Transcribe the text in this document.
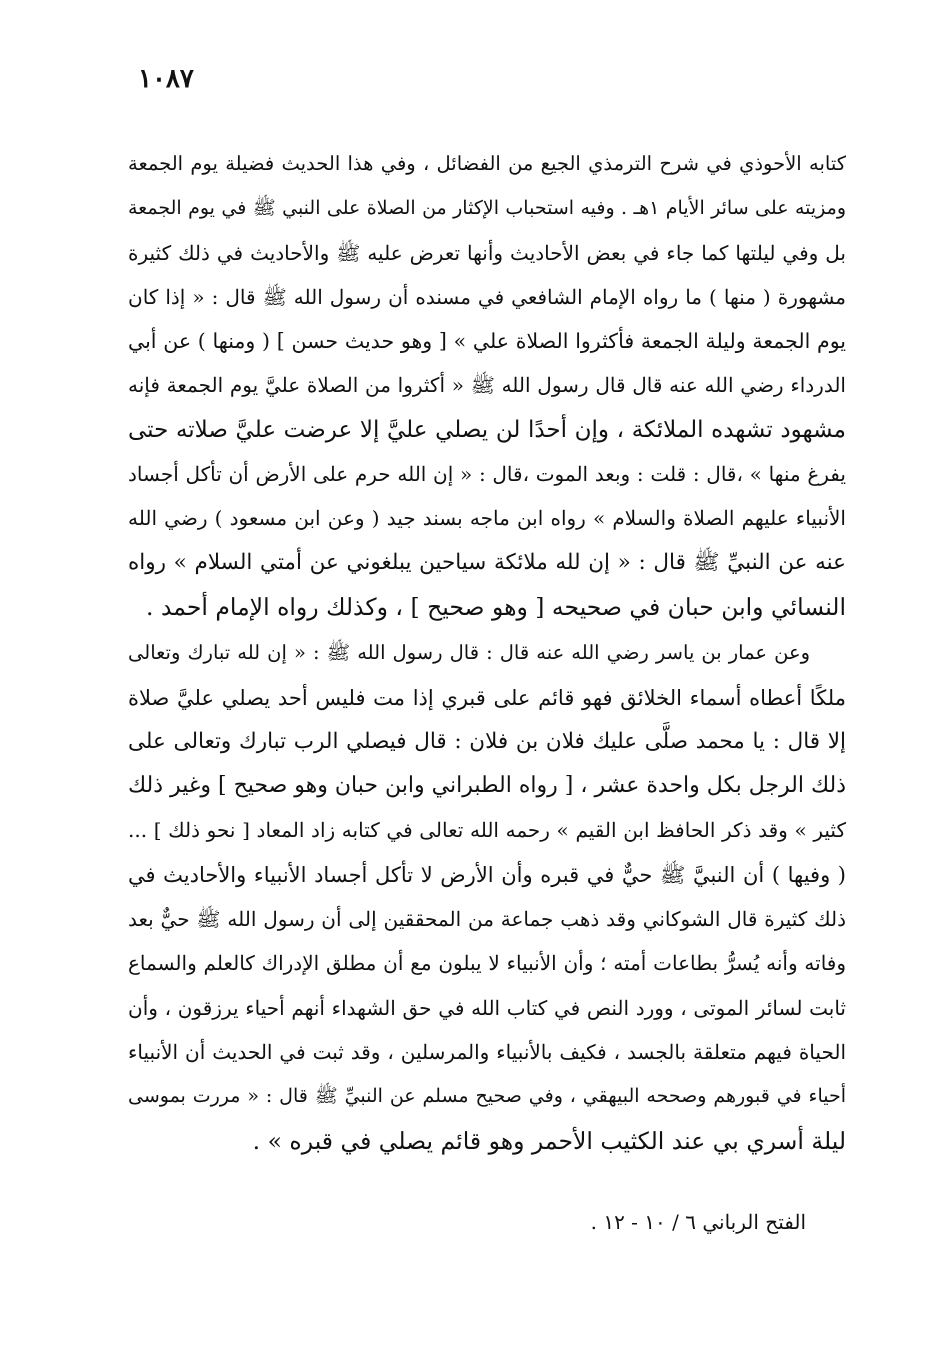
١٠٨٧
كتابه الأحوذي في شرح الترمذي الجيع من الفضائل ، وفي هذا الحديث فضيلة يوم الجمعة
ومزيته على سائر الأيام ۱هـ . وفيه استحباب الإكثار من الصلاة على النبي ﷺ في يوم الجمعة
بل وفي ليلتها كما جاء في بعض الأحاديث وأنها تعرض عليه ﷺ والأحاديث في ذلك كثيرة
مشهورة ( منها ) ما رواه الإمام الشافعي في مسنده أن رسول الله ﷺ قال : « إذا كان
يوم الجمعة وليلة الجمعة فأكثروا الصلاة علي » [ وهو حديث حسن ] ( ومنها ) عن أبي
الدرداء رضي الله عنه قال قال رسول الله ﷺ « أكثروا من الصلاة عليَّ يوم الجمعة فإنه
مشهود تشهده الملائكة ، وإن أحدًا لن يصلي عليَّ إلا عرضت عليَّ صلاته حتى
يفرغ منها » ،قال : قلت : وبعد الموت ،قال : « إن الله حرم على الأرض أن تأكل أجساد
الأنبياء عليهم الصلاة والسلام » رواه ابن ماجه بسند جيد ( وعن ابن مسعود ) رضي الله
عنه عن النبيِّ ﷺ قال : « إن لله ملائكة سياحين يبلغوني عن أمتي السلام » رواه
النسائي وابن حبان في صحيحه [ وهو صحيح ] ، وكذلك رواه الإمام أحمد .
وعن عمار بن ياسر رضي الله عنه قال : قال رسول الله ﷺ : « إن لله تبارك وتعالى
ملكًا أعطاه أسماء الخلائق فهو قائم على قبري إذا مت فليس أحد يصلي عليَّ صلاة
إلا قال : يا محمد صلَّى عليك فلان بن فلان : قال فيصلي الرب تبارك وتعالى على
ذلك الرجل بكل واحدة عشر ، [ رواه الطبراني وابن حبان وهو صحيح ] وغير ذلك
كثير » وقد ذكر الحافظ ابن القيم » رحمه الله تعالى في كتابه زاد المعاد [ نحو ذلك ] ...
( وفيها ) أن النبيَّ ﷺ حيٌّ في قبره وأن الأرض لا تأكل أجساد الأنبياء والأحاديث في
ذلك كثيرة قال الشوكاني وقد ذهب جماعة من المحققين إلى أن رسول الله ﷺ حيٌّ بعد
وفاته وأنه يُسرُّ بطاعات أمته ؛ وأن الأنبياء لا يبلون مع أن مطلق الإدراك كالعلم والسماع
ثابت لسائر الموتى ، وورد النص في كتاب الله في حق الشهداء أنهم أحياء يرزقون ، وأن
الحياة فيهم متعلقة بالجسد ، فكيف بالأنبياء والمرسلين ، وقد ثبت في الحديث أن الأنبياء
أحياء في قبورهم وصححه البيهقي ، وفي صحيح مسلم عن النبيِّ ﷺ قال : « مررت بموسى
ليلة أسري بي عند الكثيب الأحمر وهو قائم يصلي في قبره » .
الفتح الرباني ٦ / ١٠ - ١٢ .
